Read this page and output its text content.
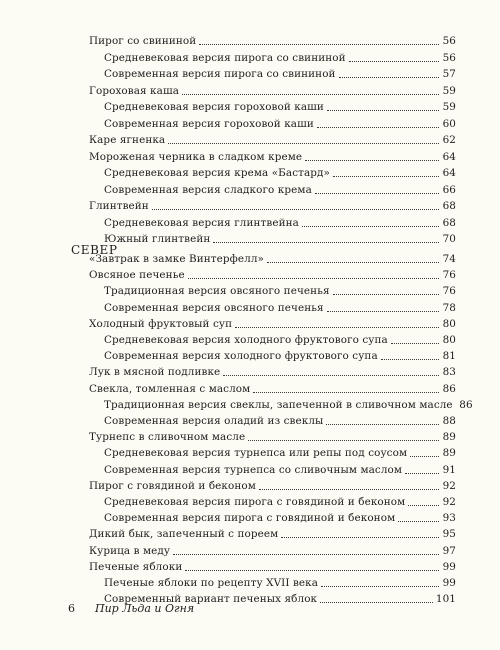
Пирог со свининой	56
Средневековая версия пирога со свининой	56
Современная версия пирога со свининой	57
Гороховая каша	59
Средневековая версия гороховой каши	59
Современная версия гороховой каши	60
Каре ягненка	62
Мороженая черника в сладком креме	64
Средневековая версия крема «Бастард»	64
Современная версия сладкого крема	66
Глинтвейн	68
Средневековая версия глинтвейна	68
Южный глинтвейн	70
СЕВЕР
«Завтрак в замке Винтерфелл»	74
Овсяное печенье	76
Традиционная версия овсяного печенья	76
Современная версия овсяного печенья	78
Холодный фруктовый суп	80
Средневековая версия холодного фруктового супа	80
Современная версия холодного фруктового супа	81
Лук в мясной подливке	83
Свекла, томленная с маслом	86
Традиционная версия свеклы, запеченной в сливочном масле 86
Современная версия оладий из свеклы	88
Турнепс в сливочном масле	89
Средневековая версия турнепса или репы под соусом	89
Современная версия турнепса со сливочным маслом	91
Пирог с говядиной и беконом	92
Средневековая версия пирога с говядиной и беконом	92
Современная версия пирога с говядиной и беконом	93
Дикий бык, запеченный с пореем	95
Курица в меду	97
Печеные яблоки	99
Печеные яблоки по рецепту XVII века	99
Современный вариант печеных яблок	101
6 Пир Льда и Огня
